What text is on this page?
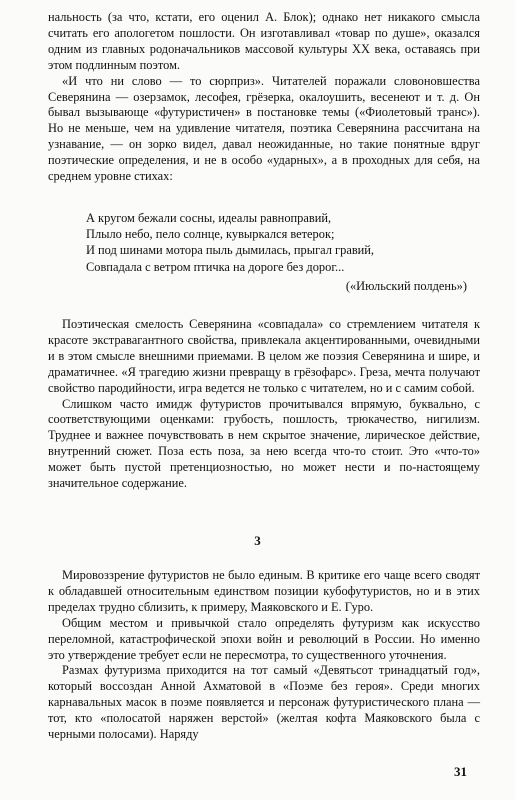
нальность (за что, кстати, его оценил А. Блок); однако нет никакого смысла считать его апологетом пошлости. Он изготавливал «товар по душе», оказался одним из главных родоначальников массовой культуры XX века, оставаясь при этом подлинным поэтом.

«И что ни слово — то сюрприз». Читателей поражали словоновшества Северянина — озерзамок, лесофея, грёзерка, окалоушить, весенеют и т. д. Он бывал вызывающе «футуристичен» в постановке темы («Фиолетовый транс»). Но не меньше, чем на удивление читателя, поэтика Северянина рассчитана на узнавание, — он зорко видел, давал неожиданные, но такие понятные вдруг поэтические определения, и не в особо «ударных», а в проходных для себя, на среднем уровне стихах:

А кругом бежали сосны, идеалы равноправий,
Плыло небо, пело солнце, кувыркался ветерок;
И под шинами мотора пыль дымилась, прыгал гравий,
Совпадала с ветром птичка на дороге без дорог...
(«Июльский полдень»)

Поэтическая смелость Северянина «совпадала» со стремлением читателя к красоте экстравагантного свойства, привлекала акцентированными, очевидными и в этом смысле внешними приемами. В целом же поэзия Северянина и шире, и драматичнее. «Я трагедию жизни превращу в грёзофарс». Греза, мечта получают свойство пародийности, игра ведется не только с читателем, но и с самим собой.

Слишком часто имидж футуристов прочитывался впрямую, буквально, с соответствующими оценками: грубость, пошлость, трюкачество, нигилизм. Труднее и важнее почувствовать в нем скрытое значение, лирическое действие, внутренний сюжет. Поза есть поза, за нею всегда что-то стоит. Это «что-то» может быть пустой претенциозностью, но может нести и по-настоящему значительное содержание.

3

Мировоззрение футуристов не было единым. В критике его чаще всего сводят к обладавшей относительным единством позиции кубофутуристов, но и в этих пределах трудно сблизить, к примеру, Маяковского и Е. Гуро.

Общим местом и привычкой стало определять футуризм как искусство переломной, катастрофической эпохи войн и революций в России. Но именно это утверждение требует если не пересмотра, то существенного уточнения.

Размах футуризма приходится на тот самый «Девятьсот тринадцатый год», который воссоздан Анной Ахматовой в «Поэме без героя». Среди многих карнавальных масок в поэме появляется и персонаж футуристического плана — тот, кто «полосатой наряжен верстой» (желтая кофта Маяковского была с черными полосами). Наряду

31
